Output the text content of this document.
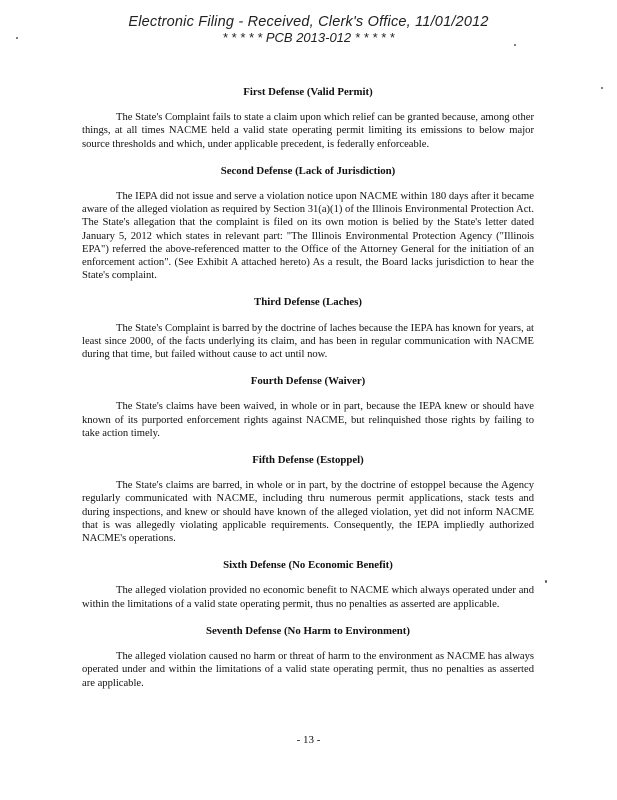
Electronic Filing - Received, Clerk's Office, 11/01/2012
* * * * * PCB 2013-012 * * * * *
First Defense (Valid Permit)

The State's Complaint fails to state a claim upon which relief can be granted because, among other things, at all times NACME held a valid state operating permit limiting its emissions to below major source thresholds and which, under applicable precedent, is federally enforceable.

Second Defense (Lack of Jurisdiction)

The IEPA did not issue and serve a violation notice upon NACME within 180 days after it became aware of the alleged violation as required by Section 31(a)(1) of the Illinois Environmental Protection Act. The State's allegation that the complaint is filed on its own motion is belied by the State's letter dated January 5, 2012 which states in relevant part: "The Illinois Environmental Protection Agency ("Illinois EPA") referred the above-referenced matter to the Office of the Attorney General for the initiation of an enforcement action". (See Exhibit A attached hereto) As a result, the Board lacks jurisdiction to hear the State's complaint.

Third Defense (Laches)

The State's Complaint is barred by the doctrine of laches because the IEPA has known for years, at least since 2000, of the facts underlying its claim, and has been in regular communication with NACME during that time, but failed without cause to act until now.

Fourth Defense (Waiver)

The State's claims have been waived, in whole or in part, because the IEPA knew or should have known of its purported enforcement rights against NACME, but relinquished those rights by failing to take action timely.

Fifth Defense (Estoppel)

The State's claims are barred, in whole or in part, by the doctrine of estoppel because the Agency regularly communicated with NACME, including thru numerous permit applications, stack tests and during inspections, and knew or should have known of the alleged violation, yet did not inform NACME that is was allegedly violating applicable requirements. Consequently, the IEPA impliedly authorized NACME's operations.

Sixth Defense (No Economic Benefit)

The alleged violation provided no economic benefit to NACME which always operated under and within the limitations of a valid state operating permit, thus no penalties as asserted are applicable.

Seventh Defense (No Harm to Environment)

The alleged violation caused no harm or threat of harm to the environment as NACME has always operated under and within the limitations of a valid state operating permit, thus no penalties as asserted are applicable.

- 13 -
